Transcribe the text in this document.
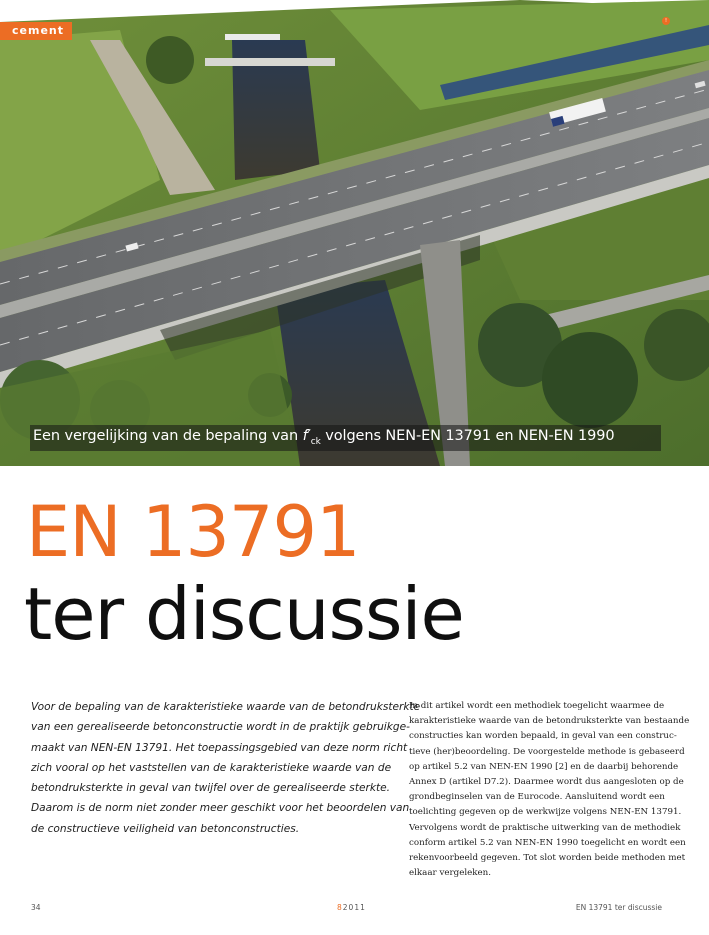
cement
!
Een vergelijking van de bepaling van $f'_{ck}$ volgens NEN-EN 13791 en NEN-EN 1990
EN 13791
ter discussie

Voor de bepaling van de karakteristieke waarde van de betondruksterkte
van een gerealiseerde betonconstructie wordt in de praktijk gebruikge-
maakt van NEN-EN 13791. Het toepassingsgebied van deze norm richt
zich vooral op het vaststellen van de karakteristieke waarde van de
betondruksterkte in geval van twijfel over de gerealiseerde sterkte.
Daarom is de norm niet zonder meer geschikt voor het beoordelen van
de constructieve veiligheid van betonconstructies.

In dit artikel wordt een methodiek toegelicht waarmee de
karakteristieke waarde van de betondruksterkte van bestaande
constructies kan worden bepaald, in geval van een construc-
tieve (her)beoordeling. De voorgestelde methode is gebaseerd
op artikel 5.2 van NEN-EN 1990 [2] en de daarbij behorende
Annex D (artikel D7.2). Daarmee wordt dus aangesloten op de
grondbeginselen van de Eurocode. Aansluitend wordt een
toelichting gegeven op de werkwijze volgens NEN-EN 13791.
Vervolgens wordt de praktische uitwerking van de methodiek
conform artikel 5.2 van NEN-EN 1990 toegelicht en wordt een
rekenvoorbeeld gegeven. Tot slot worden beide methoden met
elkaar vergeleken.

34	82011	EN 13791 ter discussie
